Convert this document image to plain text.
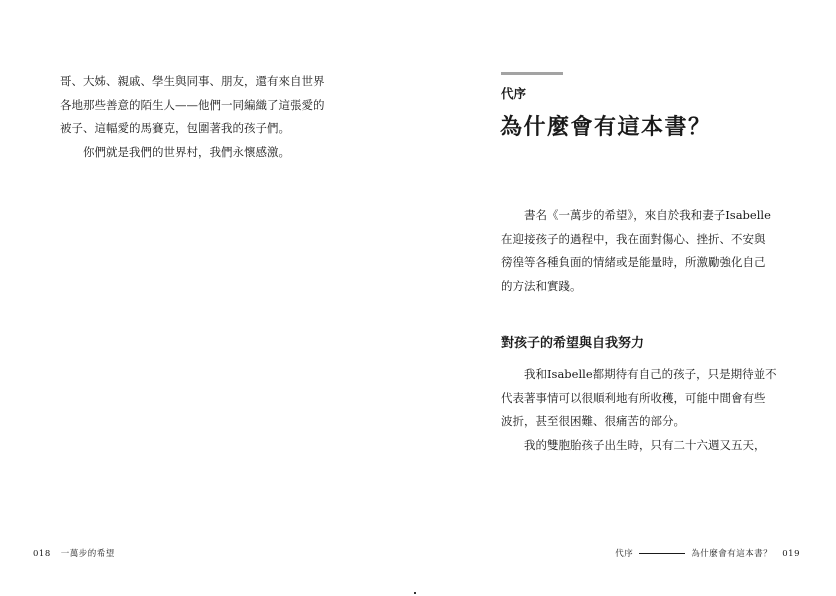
哥、大姊、親戚、學生與同事、朋友，還有來自世界

各地那些善意的陌生人——他們一同編織了這張愛的

被子、這幅愛的馬賽克，包圍著我的孩子們。

　　你們就是我們的世界村，我們永懷感激。

018 一萬步的希望
代序
為什麼會有這本書？

　　書名《一萬步的希望》，來自於我和妻子Isabelle

在迎接孩子的過程中，我在面對傷心、挫折、不安與

徬徨等各種負面的情緒或是能量時，所激勵強化自己

的方法和實踐。

對孩子的希望與自我努力

　　我和Isabelle都期待有自己的孩子，只是期待並不

代表著事情可以很順利地有所收穫，可能中間會有些

波折，甚至很困難、很痛苦的部分。

　　我的雙胞胎孩子出生時，只有二十六週又五天，

代序	為什麼會有這本書？ 019
